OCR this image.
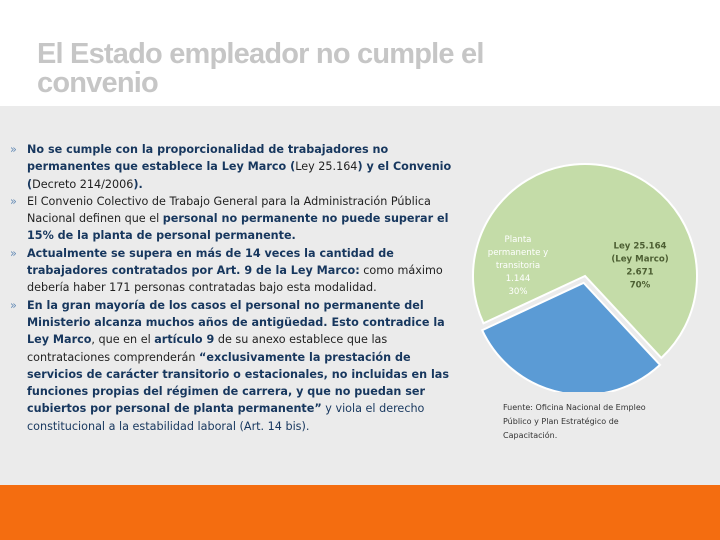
El Estado empleador no cumple el
convenio
» No se cumple con la proporcionalidad de trabajadores no permanentes que establece la Ley Marco (Ley 25.164) y el Convenio (Decreto 214/2006).
» El Convenio Colectivo de Trabajo General para la Administración Pública Nacional definen que el personal no permanente no puede superar el 15% de la planta de personal permanente.
» Actualmente se supera en más de 14 veces la cantidad de trabajadores contratados por Art. 9 de la Ley Marco: como máximo debería haber 171 personas contratadas bajo esta modalidad.
» En la gran mayoría de los casos el personal no permanente del Ministerio alcanza muchos años de antigüedad. Esto contradice la Ley Marco, que en el artículo 9 de su anexo establece que las contrataciones comprenderán “exclusivamente la prestación de servicios de carácter transitorio o estacionales, no incluidas en las funciones propias del régimen de carrera, y que no puedan ser cubiertos por personal de planta permanente” y viola el derecho constitucional a la estabilidad laboral (Art. 14 bis).
Ley 25.164
(Ley Marco)
2.671
70%
Planta
permanente y
transitoria
1.144
30%
Fuente: Oficina Nacional de Empleo
Público y Plan Estratégico de
Capacitación.
